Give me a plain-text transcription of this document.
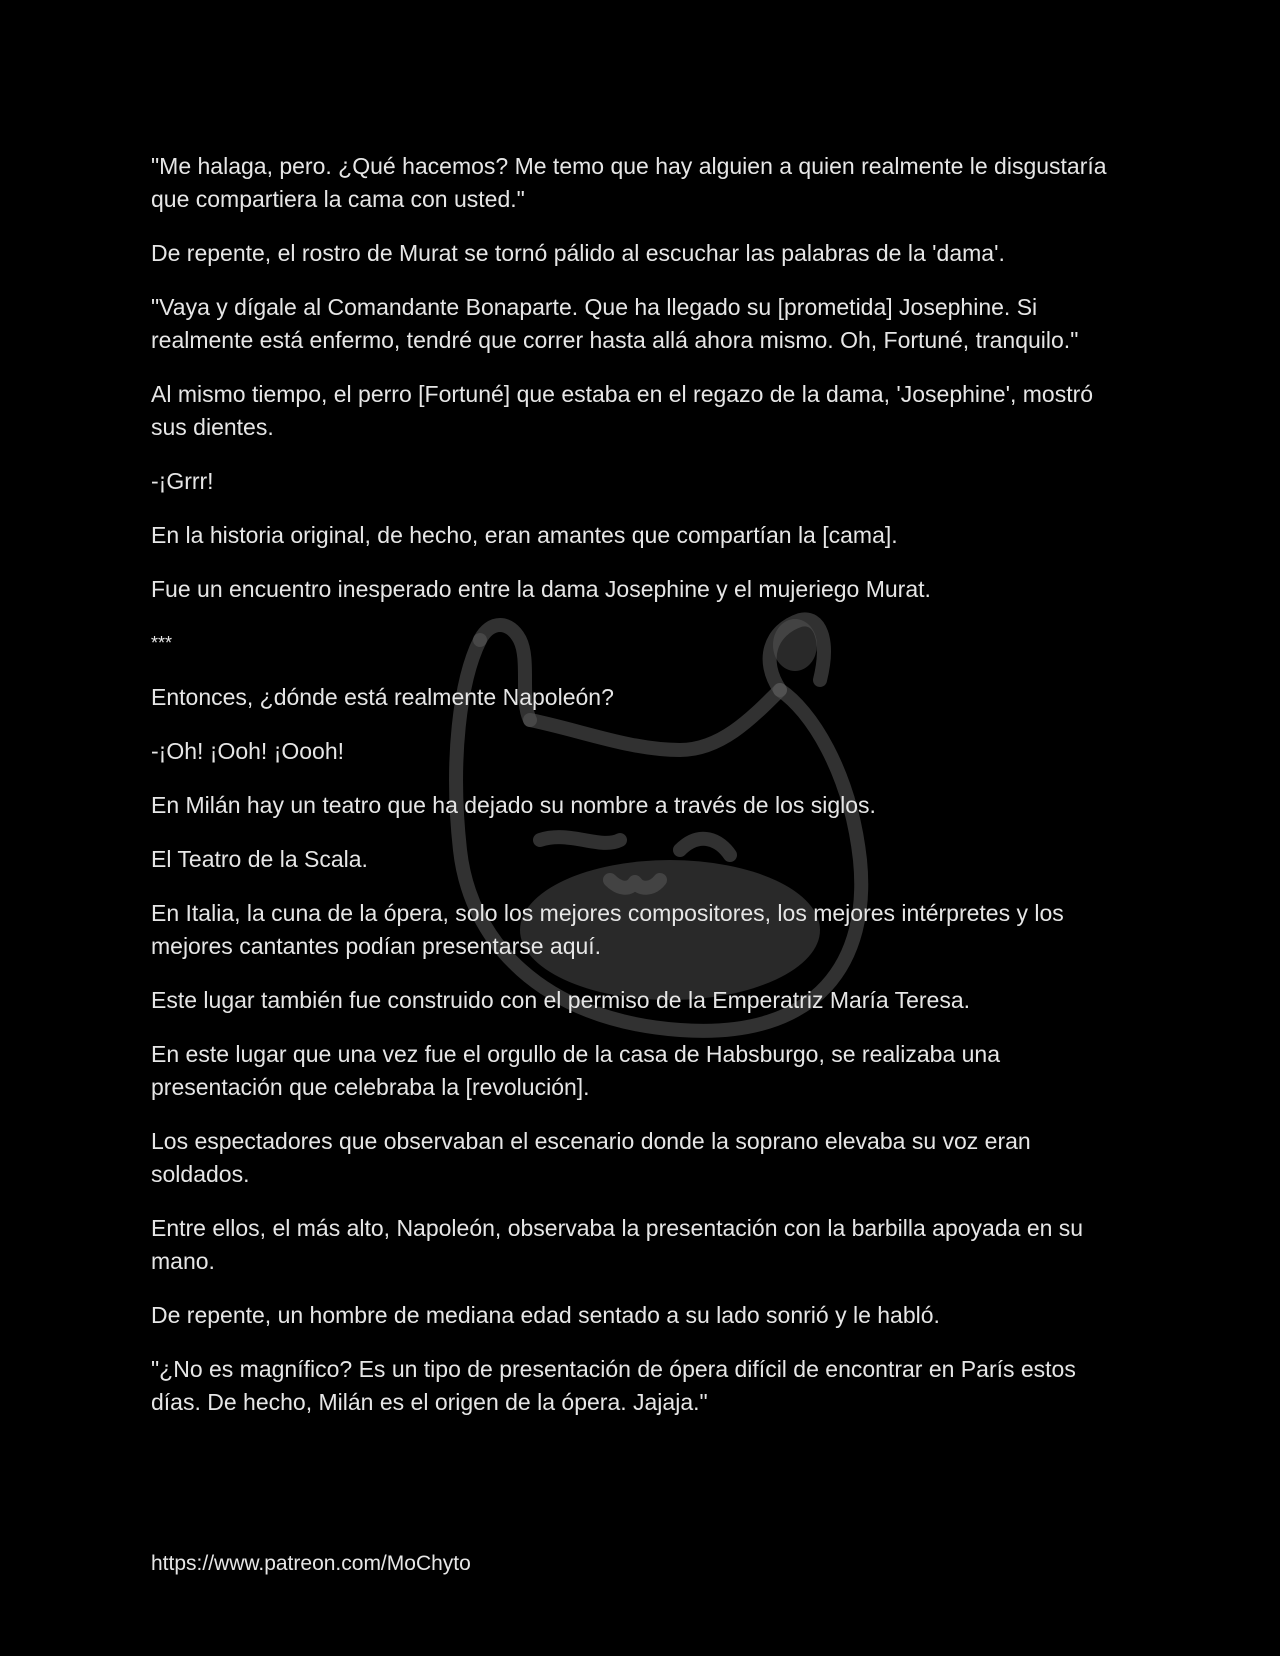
"Me halaga, pero. ¿Qué hacemos? Me temo que hay alguien a quien realmente le disgustaría que compartiera la cama con usted."

De repente, el rostro de Murat se tornó pálido al escuchar las palabras de la 'dama'.

"Vaya y dígale al Comandante Bonaparte. Que ha llegado su [prometida] Josephine. Si realmente está enfermo, tendré que correr hasta allá ahora mismo. Oh, Fortuné, tranquilo."

Al mismo tiempo, el perro [Fortuné] que estaba en el regazo de la dama, 'Josephine', mostró sus dientes.

-¡Grrr!

En la historia original, de hecho, eran amantes que compartían la [cama].

Fue un encuentro inesperado entre la dama Josephine y el mujeriego Murat.

***

Entonces, ¿dónde está realmente Napoleón?

-¡Oh! ¡Ooh! ¡Oooh!

En Milán hay un teatro que ha dejado su nombre a través de los siglos.

El Teatro de la Scala.

En Italia, la cuna de la ópera, solo los mejores compositores, los mejores intérpretes y los mejores cantantes podían presentarse aquí.

Este lugar también fue construido con el permiso de la Emperatriz María Teresa.

En este lugar que una vez fue el orgullo de la casa de Habsburgo, se realizaba una presentación que celebraba la [revolución].

Los espectadores que observaban el escenario donde la soprano elevaba su voz eran soldados.

Entre ellos, el más alto, Napoleón, observaba la presentación con la barbilla apoyada en su mano.

De repente, un hombre de mediana edad sentado a su lado sonrió y le habló.

"¿No es magnífico? Es un tipo de presentación de ópera difícil de encontrar en París estos días. De hecho, Milán es el origen de la ópera. Jajaja."

https://www.patreon.com/MoChyto
